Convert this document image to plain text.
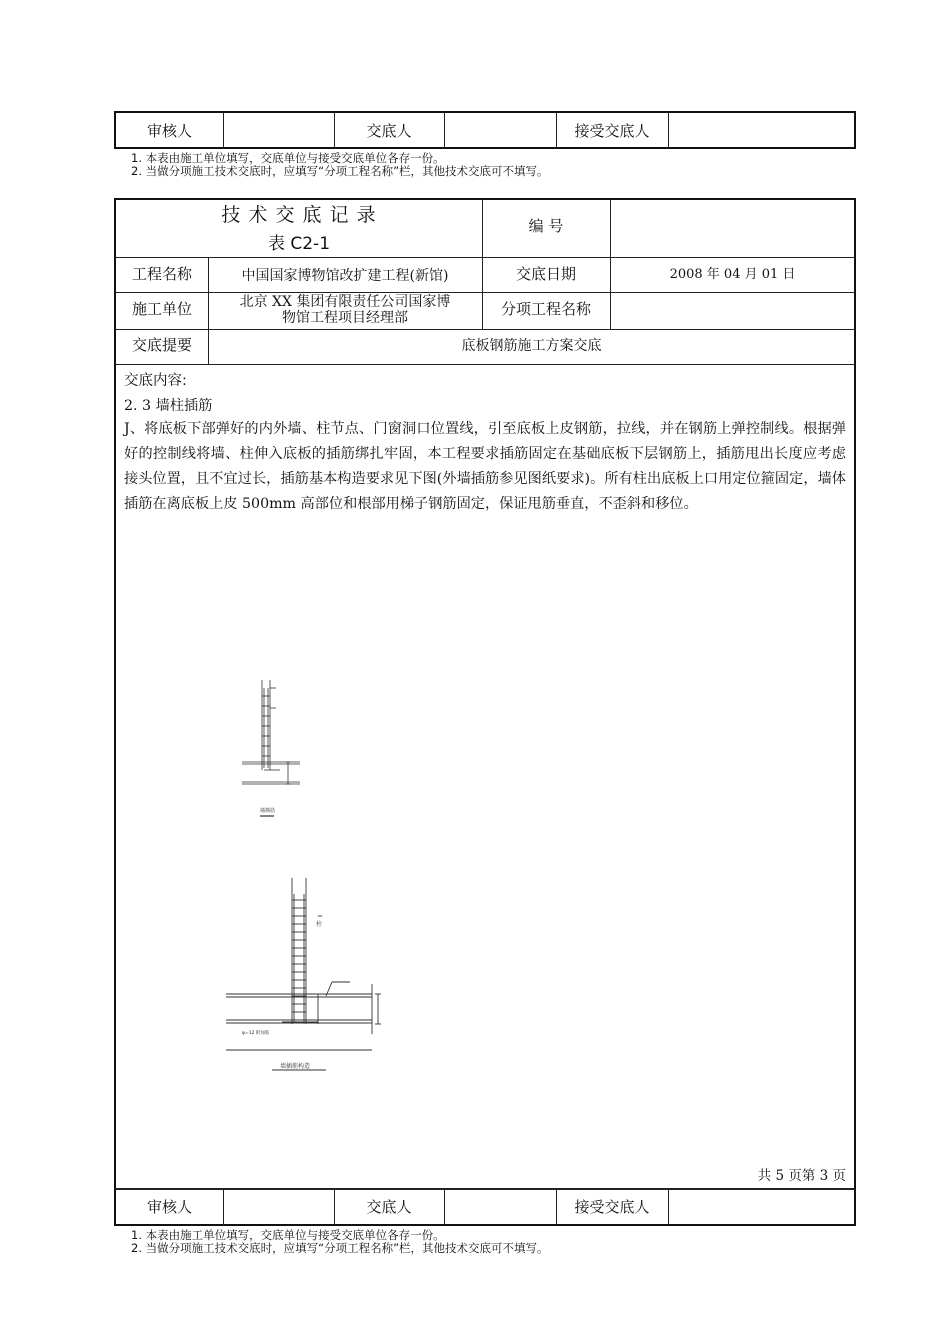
审核人	交底人	接受交底人
1. 本表由施工单位填写，交底单位与接受交底单位各存一份。
2. 当做分项施工技术交底时，应填写“分项工程名称”栏，其他技术交底可不填写。
技 术 交 底 记 录
表 C2-1
编 号
工程名称	中国国家博物馆改扩建工程(新馆)	交底日期	2008 年 04 月 01 日
施工单位	北京 XX 集团有限责任公司国家博
物馆工程项目经理部	分项工程名称
交底提要	底板钢筋施工方案交底
交底内容:
2. 3 墙柱插筋

J、将底板下部弹好的内外墙、柱节点、门窗洞口位置线，引至底板上皮钢筋，拉线，并在钢筋上弹控制线。根据弹好的控制线将墙、柱伸入底板的插筋绑扎牢固，本工程要求插筋固定在基础底板下层钢筋上，插筋甩出长度应考虑接头位置，且不宜过长，插筋基本构造要求见下图(外墙插筋参见图纸要求)。所有柱出底板上口用定位箍固定，墙体插筋在离底板上皮 500mm 高部位和根部用梯子钢筋固定，保证甩筋垂直，不歪斜和移位。

墙插筋
柱
墙插筋构造
φ=12 附加筋
共 5 页第 3 页
审核人	交底人	接受交底人
1. 本表由施工单位填写，交底单位与接受交底单位各存一份。
2. 当做分项施工技术交底时，应填写“分项工程名称”栏，其他技术交底可不填写。
